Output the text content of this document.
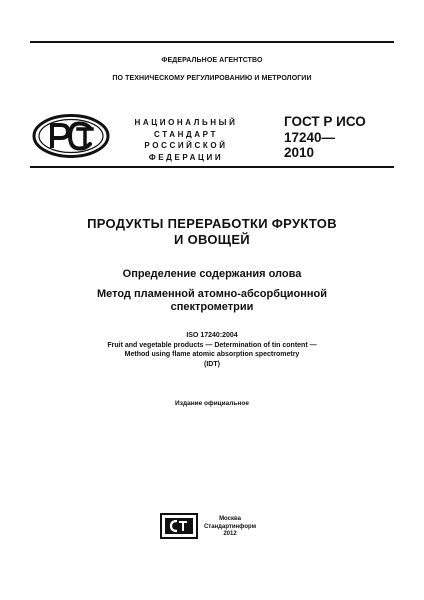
ФЕДЕРАЛЬНОЕ АГЕНТСТВО
ПО ТЕХНИЧЕСКОМУ РЕГУЛИРОВАНИЮ И МЕТРОЛОГИИ
НАЦИОНАЛЬНЫЙ
СТАНДАРТ
РОССИЙСКОЙ
ФЕДЕРАЦИИ
ГОСТ Р ИСО
17240—
2010
ПРОДУКТЫ ПЕРЕРАБОТКИ ФРУКТОВ
И ОВОЩЕЙ
Определение содержания олова
Метод пламенной атомно-абсорбционной
спектрометрии
ISO 17240:2004
Fruit and vegetable products — Determination of tin content —
Method using flame atomic absorption spectrometry
(IDT)
Издание официальное
Москва
Стандартинформ
2012
